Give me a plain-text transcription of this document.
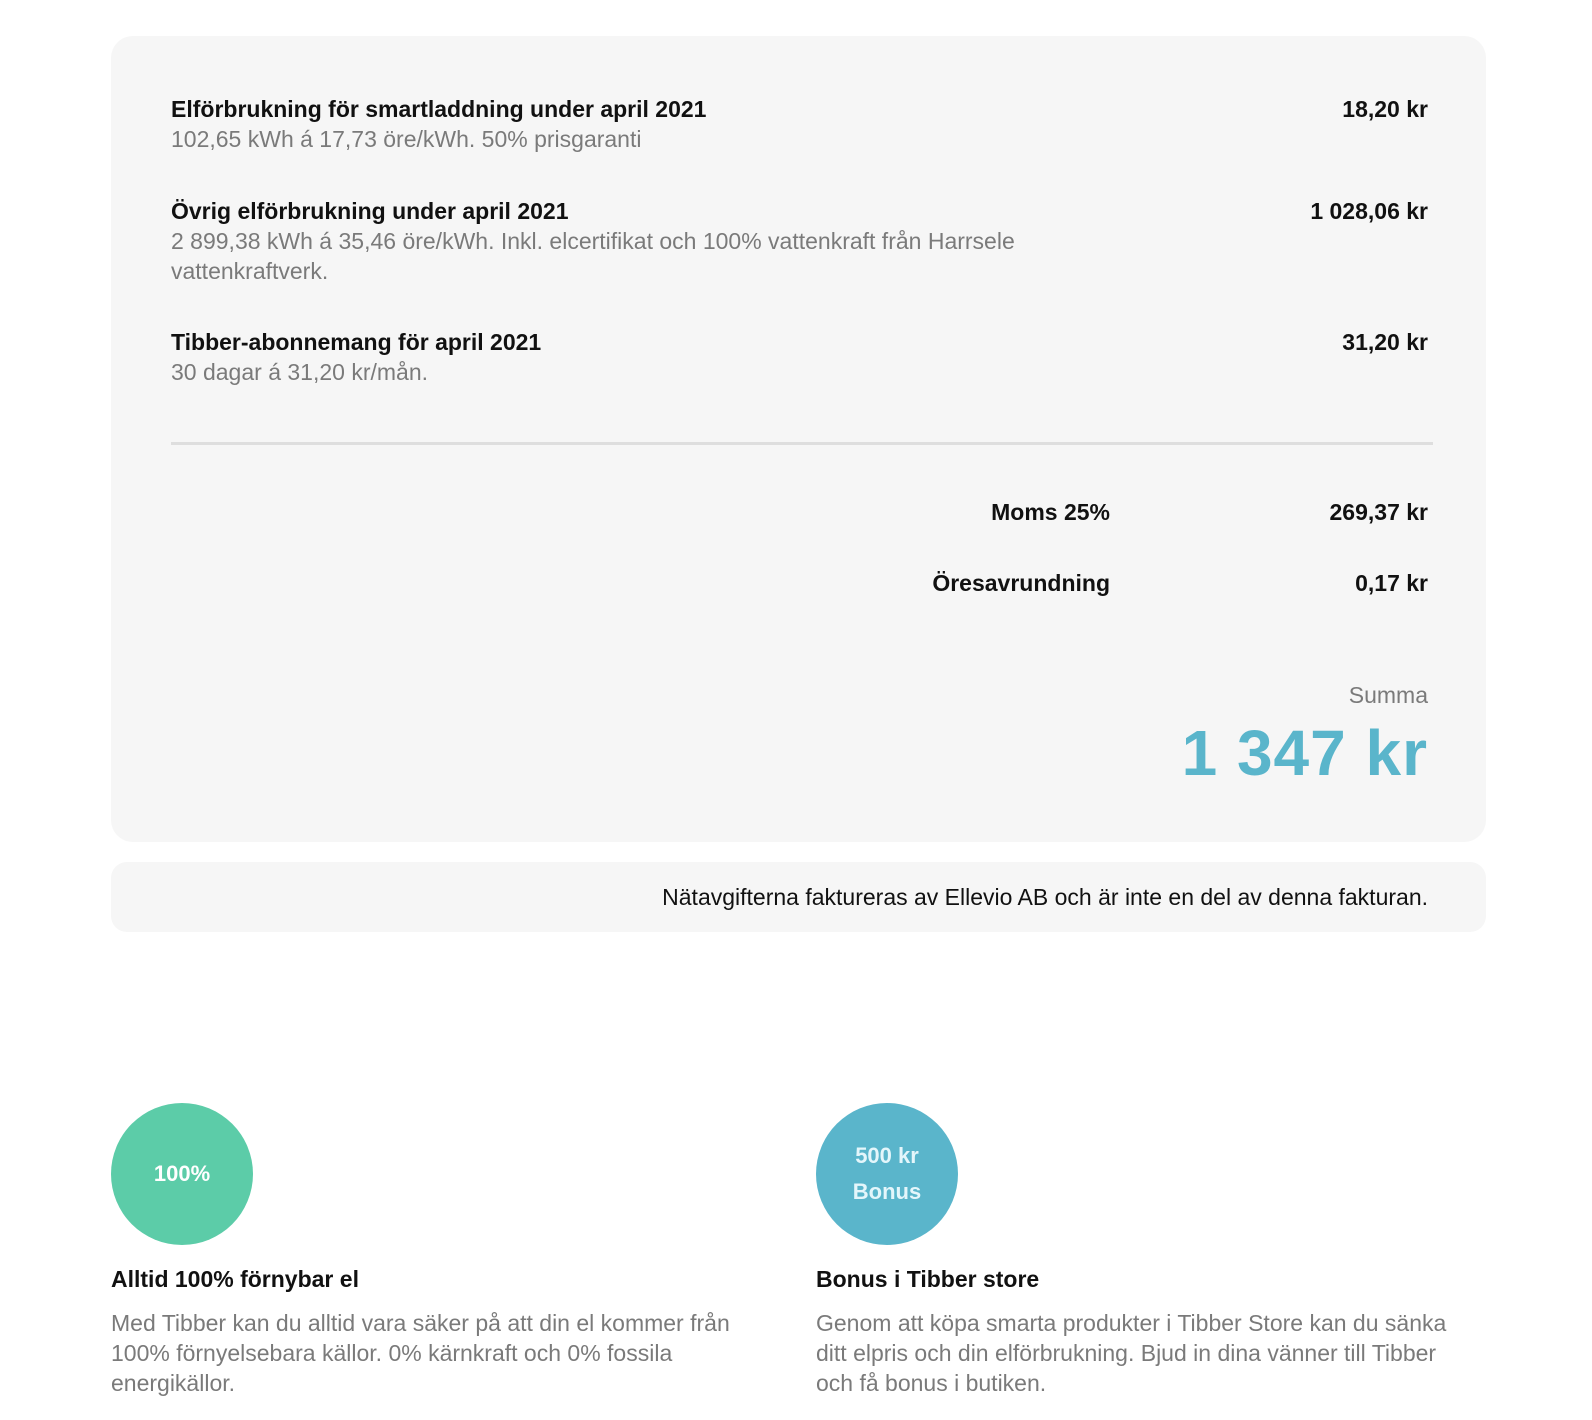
Elförbrukning för smartladdning under april 2021
102,65 kWh á 17,73 öre/kWh. 50% prisgaranti
18,20 kr
Övrig elförbrukning under april 2021
2 899,38 kWh á 35,46 öre/kWh. Inkl. elcertifikat och 100% vattenkraft från Harrsele vattenkraftverk.
1 028,06 kr
Tibber-abonnemang för april 2021
30 dagar á 31,20 kr/mån.
31,20 kr
Moms 25%	269,37 kr
Öresavrundning	0,17 kr
Summa
1 347 kr
Nätavgifterna faktureras av Ellevio AB och är inte en del av denna fakturan.
100%
Alltid 100% förnybar el
Med Tibber kan du alltid vara säker på att din el kommer från 100% förnyelsebara källor. 0% kärnkraft och 0% fossila energikällor.
500 kr
Bonus
Bonus i Tibber store
Genom att köpa smarta produkter i Tibber Store kan du sänka ditt elpris och din elförbrukning. Bjud in dina vänner till Tibber och få bonus i butiken.
